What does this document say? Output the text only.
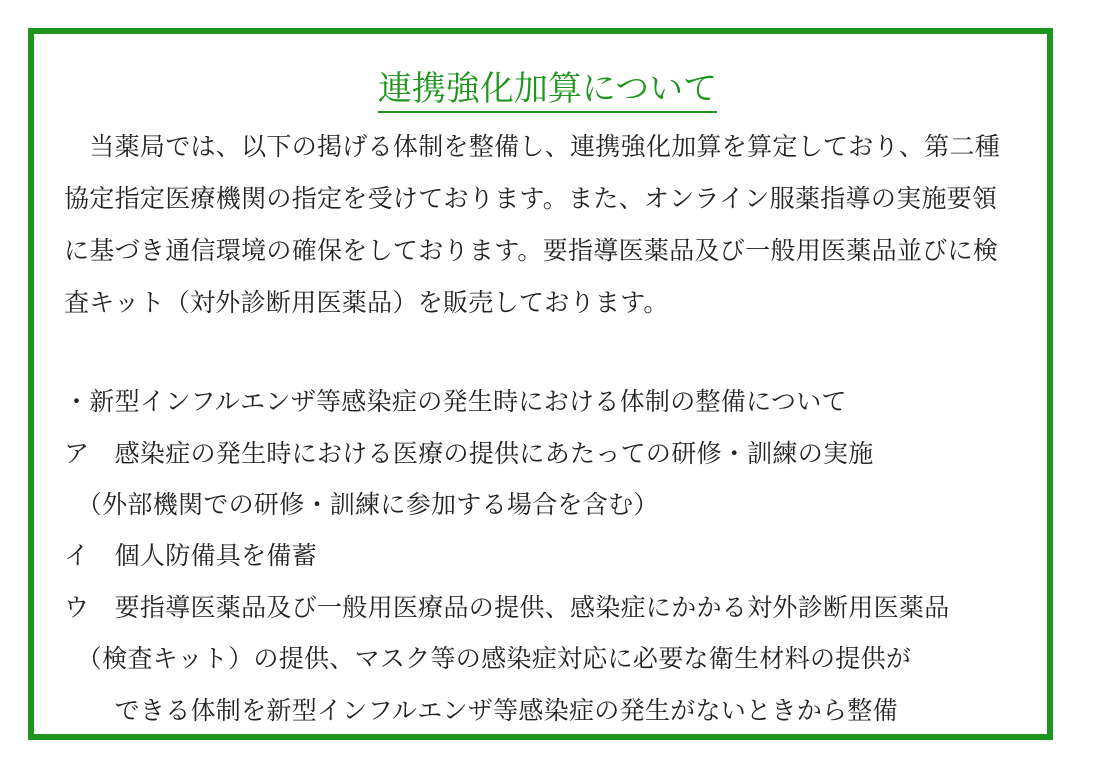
連携強化加算について
　当薬局では、以下の掲げる体制を整備し、連携強化加算を算定しており、第二種
協定指定医療機関の指定を受けております。また、オンライン服薬指導の実施要領
に基づき通信環境の確保をしております。要指導医薬品及び一般用医薬品並びに検
査キット（対外診断用医薬品）を販売しております。
・新型インフルエンザ等感染症の発生時における体制の整備について
ア　感染症の発生時における医療の提供にあたっての研修・訓練の実施
　（外部機関での研修・訓練に参加する場合を含む）
イ　個人防備具を備蓄
ウ　要指導医薬品及び一般用医療品の提供、感染症にかかる対外診断用医薬品
　（検査キット）の提供、マスク等の感染症対応に必要な衛生材料の提供が
　　できる体制を新型インフルエンザ等感染症の発生がないときから整備
